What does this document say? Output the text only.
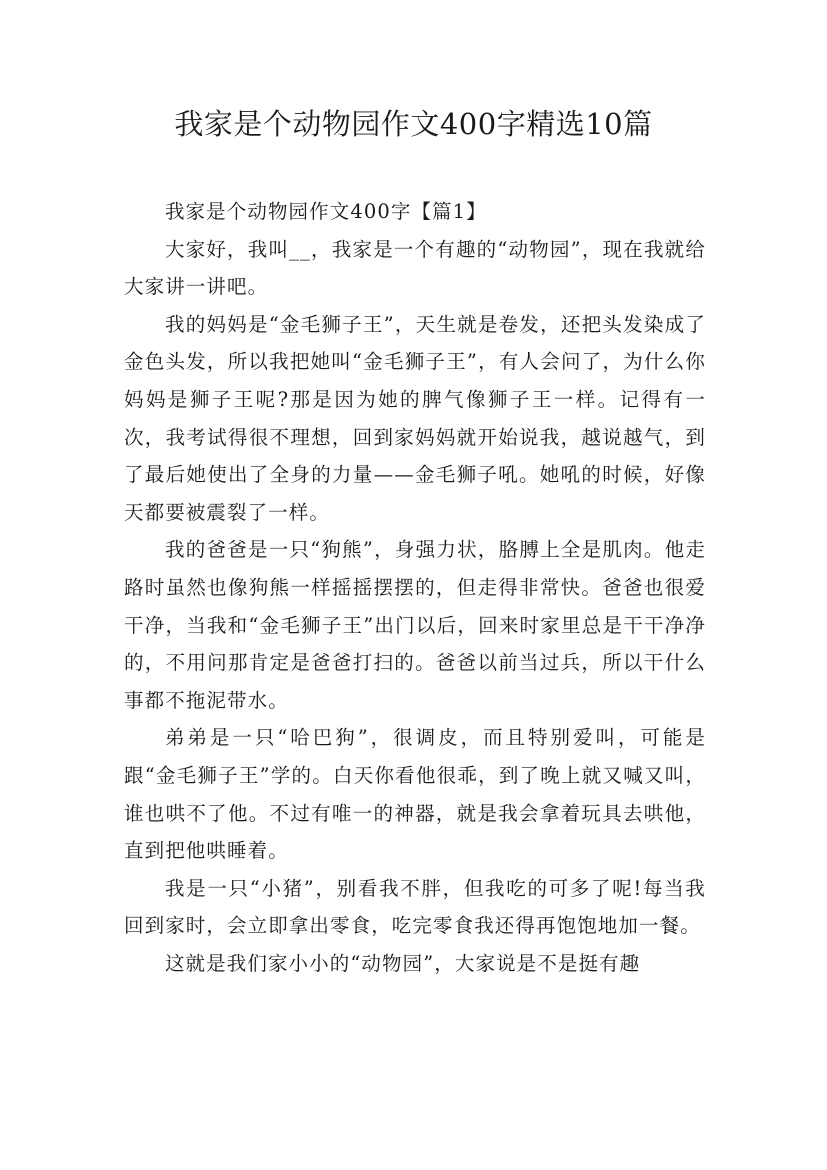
我家是个动物园作文400字精选10篇

我家是个动物园作文400字【篇1】

大家好，我叫__，我家是一个有趣的“动物园”，现在我就给大家讲一讲吧。

我的妈妈是“金毛狮子王”，天生就是卷发，还把头发染成了金色头发，所以我把她叫“金毛狮子王”，有人会问了，为什么你妈妈是狮子王呢?那是因为她的脾气像狮子王一样。记得有一次，我考试得很不理想，回到家妈妈就开始说我，越说越气，到了最后她使出了全身的力量——金毛狮子吼。她吼的时候，好像天都要被震裂了一样。

我的爸爸是一只“狗熊”，身强力状，胳膊上全是肌肉。他走路时虽然也像狗熊一样摇摇摆摆的，但走得非常快。爸爸也很爱干净，当我和“金毛狮子王”出门以后，回来时家里总是干干净净的，不用问那肯定是爸爸打扫的。爸爸以前当过兵，所以干什么事都不拖泥带水。

弟弟是一只“哈巴狗”，很调皮，而且特别爱叫，可能是跟“金毛狮子王”学的。白天你看他很乖，到了晚上就又喊又叫，谁也哄不了他。不过有唯一的神器，就是我会拿着玩具去哄他，直到把他哄睡着。

我是一只“小猪”，别看我不胖，但我吃的可多了呢!每当我回到家时，会立即拿出零食，吃完零食我还得再饱饱地加一餐。

这就是我们家小小的“动物园”，大家说是不是挺有趣
